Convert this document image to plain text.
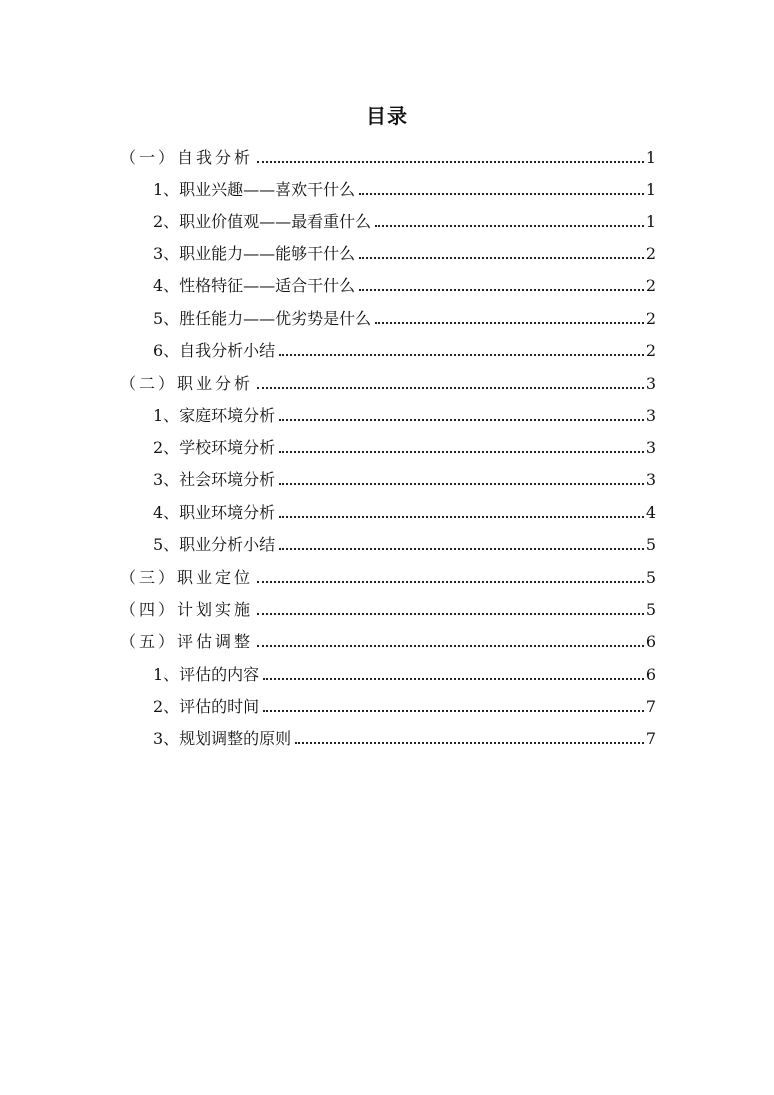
目录
（一）自我分析	1
1、职业兴趣——喜欢干什么	1
2、职业价值观——最看重什么	1
3、职业能力——能够干什么	2
4、性格特征——适合干什么	2
5、胜任能力——优劣势是什么	2
6、自我分析小结	2
（二）职业分析	3
1、家庭环境分析	3
2、学校环境分析	3
3、社会环境分析	3
4、职业环境分析	4
5、职业分析小结	5
（三）职业定位	5
（四）计划实施	5
（五）评估调整	6
1、评估的内容	6
2、评估的时间	7
3、规划调整的原则	7
